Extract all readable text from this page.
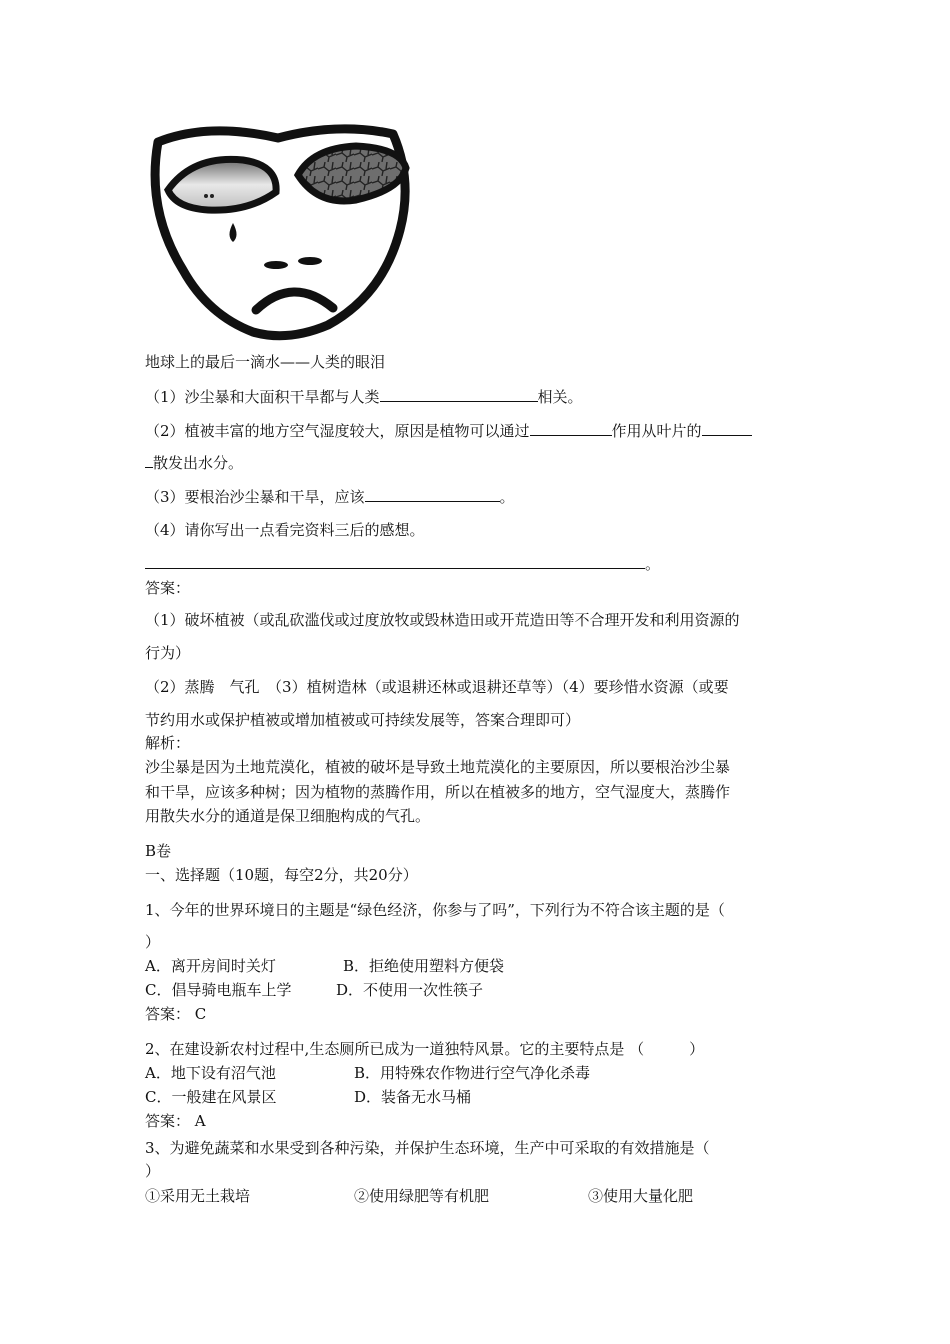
地球上的最后一滴水——人类的眼泪
（1）沙尘暴和大面积干旱都与人类	相关。
（2）植被丰富的地方空气湿度较大，原因是植物可以通过	作用从叶片的
散发出水分。
（3）要根治沙尘暴和干旱，应该	。
（4）请你写出一点看完资料三后的感想。
。
答案：
（1）破坏植被（或乱砍滥伐或过度放牧或毁林造田或开荒造田等不合理开发和利用资源的
行为）
（2）蒸腾　气孔　（3）植树造林（或退耕还林或退耕还草等）（4）要珍惜水资源（或要
节约用水或保护植被或增加植被或可持续发展等，答案合理即可）
解析：
沙尘暴是因为土地荒漠化，植被的破坏是导致土地荒漠化的主要原因，所以要根治沙尘暴
和干旱，应该多种树；因为植物的蒸腾作用，所以在植被多的地方，空气湿度大，蒸腾作
用散失水分的通道是保卫细胞构成的气孔。
B卷
一、选择题（10题，每空2分，共20分）
1、今年的世界环境日的主题是“绿色经济，你参与了吗”，下列行为不符合该主题的是（
）
A．离开房间时关灯	B．拒绝使用塑料方便袋
C．倡导骑电瓶车上学	D．不使用一次性筷子
答案： C
2、在建设新农村过程中,生态厕所已成为一道独特风景。它的主要特点是 （　　　）
A．地下设有沼气池	B．用特殊农作物进行空气净化杀毒
C．一般建在风景区	D．装备无水马桶
答案： A
3、为避免蔬菜和水果受到各种污染，并保护生态环境，生产中可采取的有效措施是（
）
①采用无土栽培	②使用绿肥等有机肥	③使用大量化肥
